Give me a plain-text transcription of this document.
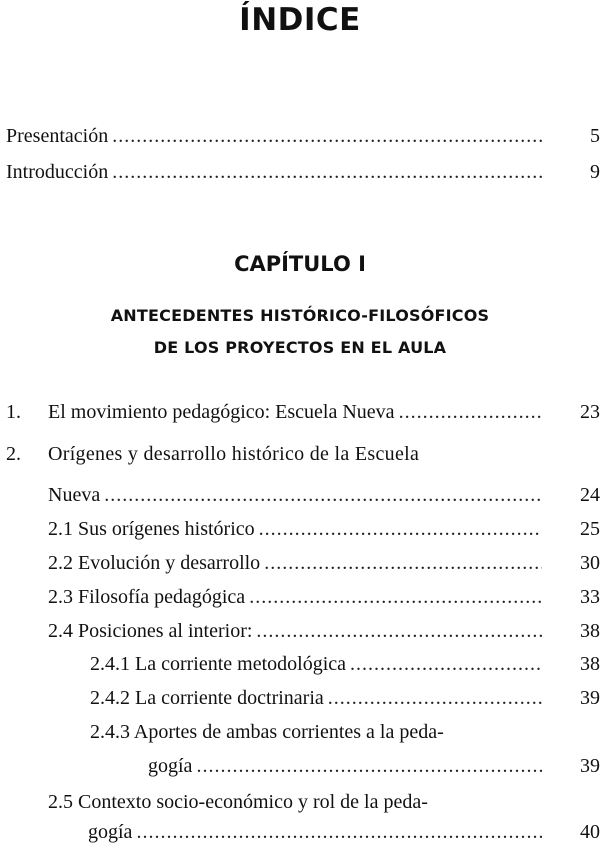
ÍNDICE
Presentación .....	5
Introducción .....	9
CAPÍTULO I
ANTECEDENTES HISTÓRICO-FILOSÓFICOS
DE LOS PROYECTOS EN EL AULA
1. El movimiento pedagógico: Escuela Nueva .....	23
2. Orígenes y desarrollo histórico de la Escuela
Nueva .....	24
2.1 Sus orígenes histórico .....	25
2.2 Evolución y desarrollo .....	30
2.3 Filosofía pedagógica .....	33
2.4 Posiciones al interior: .....	38
2.4.1 La corriente metodológica .....	38
2.4.2 La corriente doctrinaria .....	39
2.4.3 Aportes de ambas corrientes a la peda-
gogía .....	39
2.5 Contexto socio-económico y rol de la peda-
gogía .....	40
